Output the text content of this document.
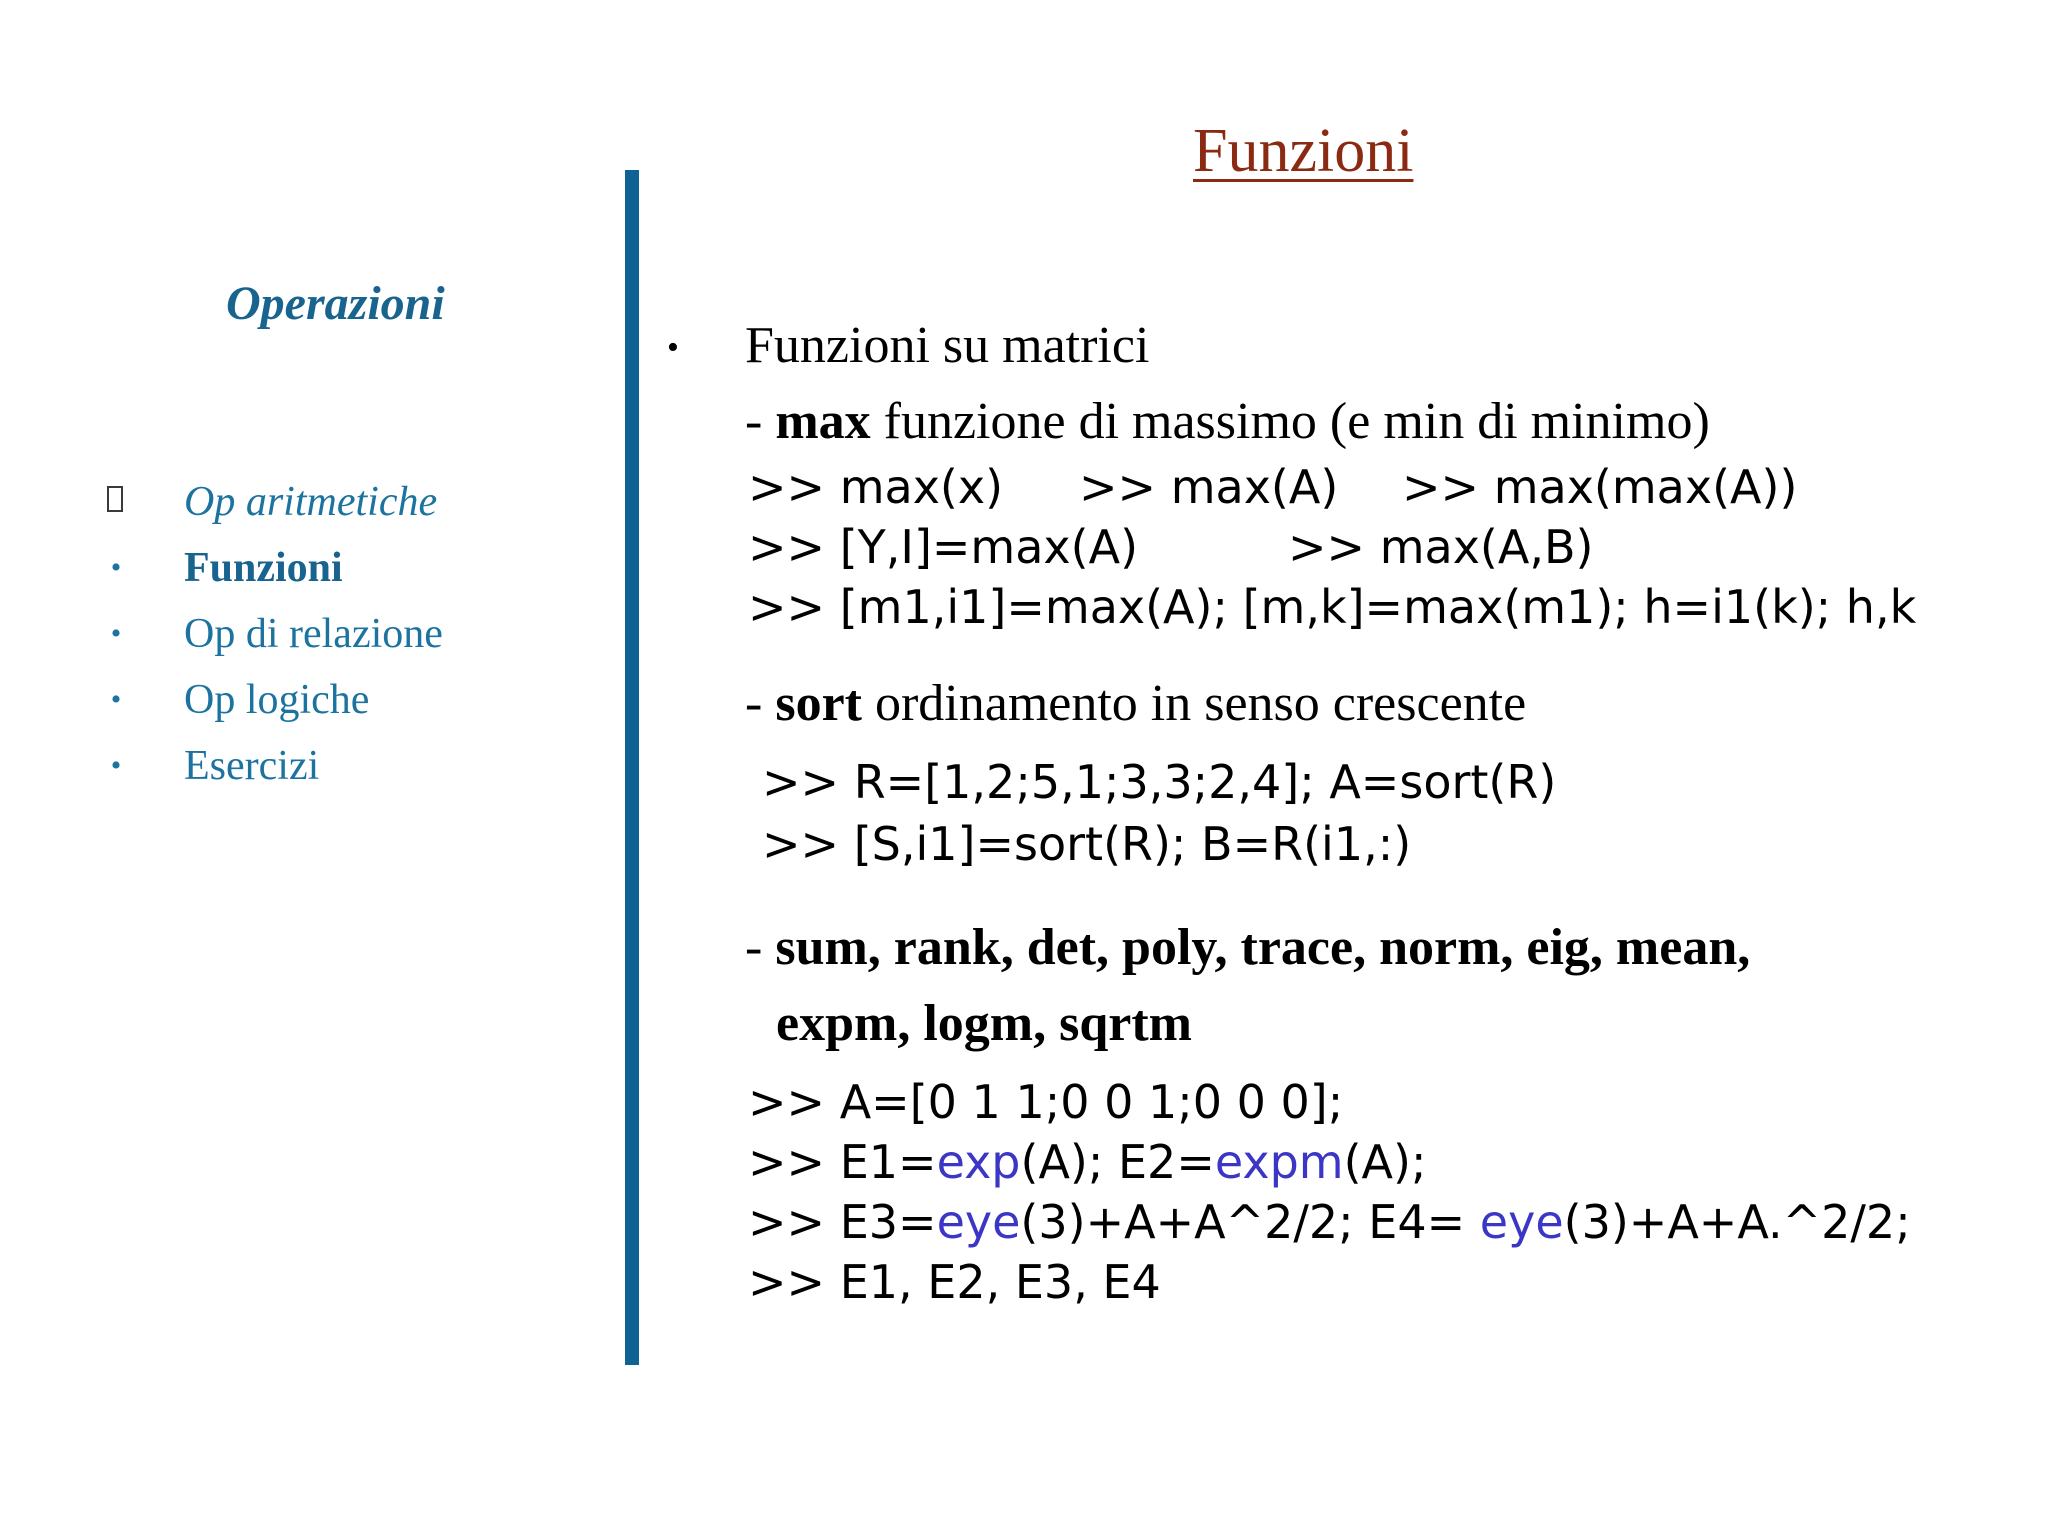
Funzioni
Operazioni
Op aritmetiche
• Funzioni
• Op di relazione
• Op logiche
• Esercizi
• Funzioni su matrici
- max funzione di massimo (e min di minimo)
>> max(x) >> max(A) >> max(max(A))
>> [Y,I]=max(A)	>> max(A,B)
>> [m1,i1]=max(A); [m,k]=max(m1); h=i1(k); h,k
- sort ordinamento in senso crescente
>> R=[1,2;5,1;3,3;2,4]; A=sort(R)
>> [S,i1]=sort(R); B=R(i1,:)
- sum, rank, det, poly, trace, norm, eig, mean,
expm, logm, sqrtm
>> A=[0 1 1;0 0 1;0 0 0];
>> E1=exp(A); E2=expm(A);
>> E3=eye(3)+A+A^2/2; E4= eye(3)+A+A.^2/2;
>> E1, E2, E3, E4
